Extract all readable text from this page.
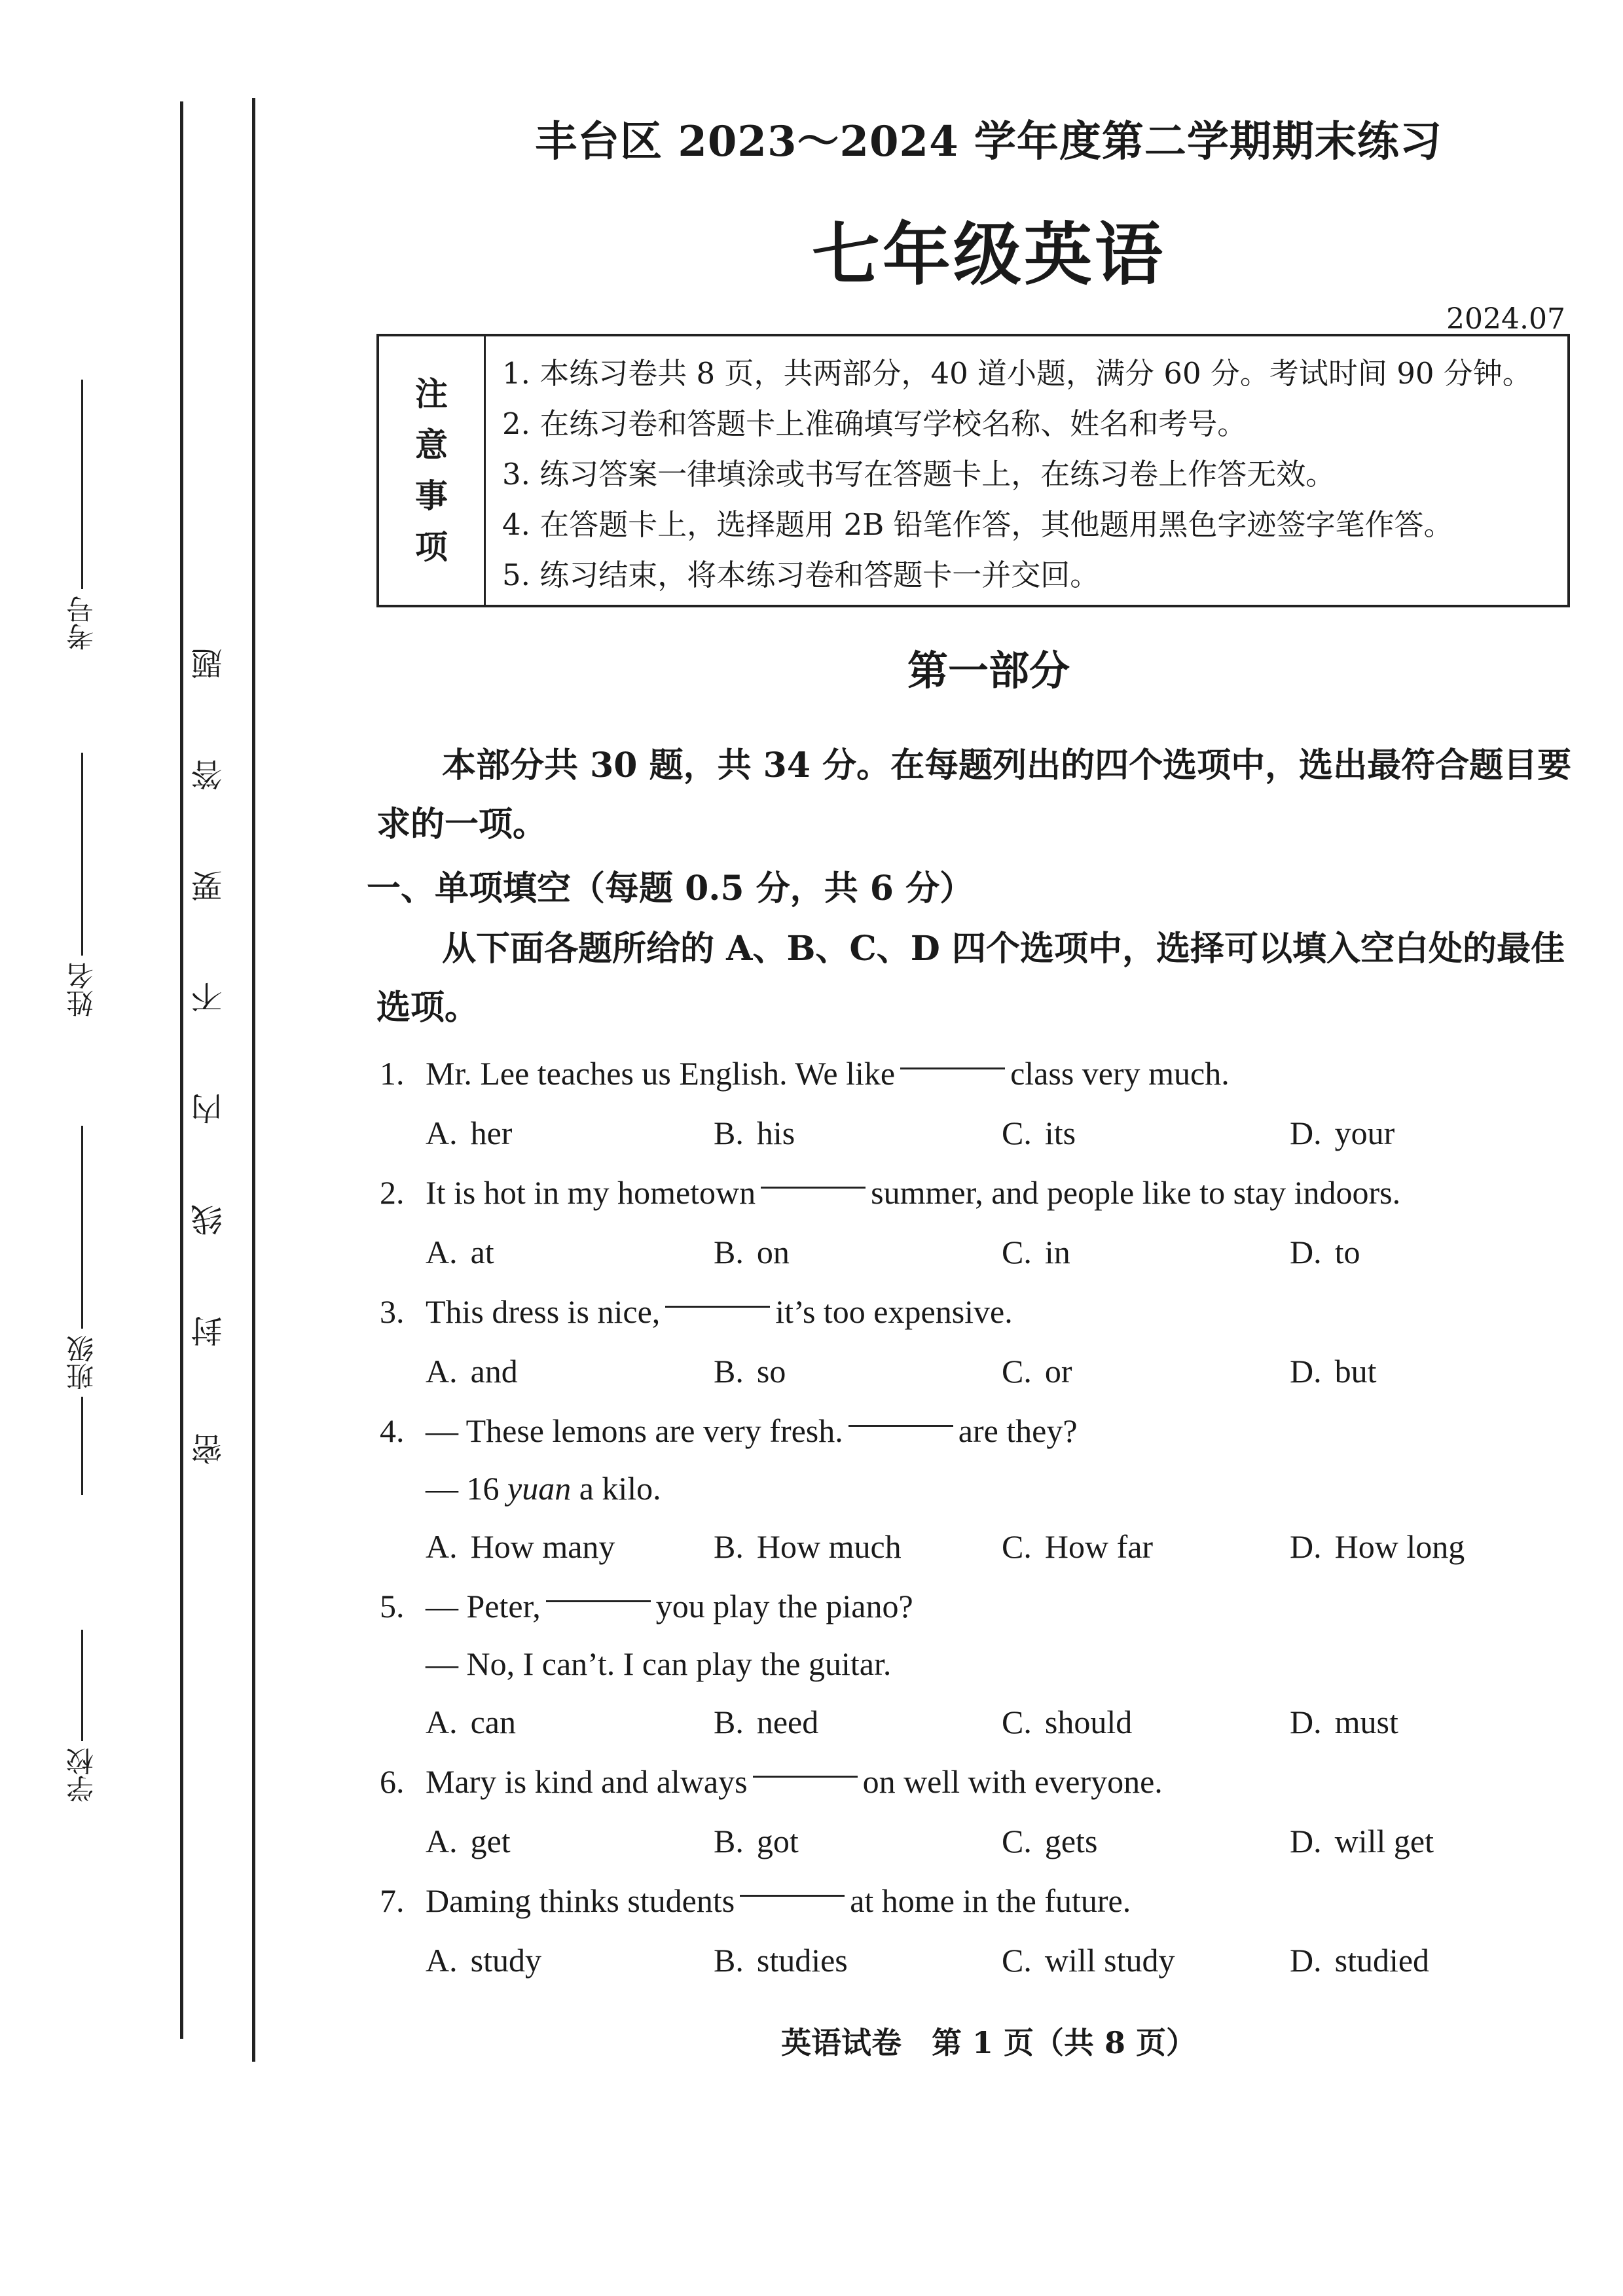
考号
姓名
班级
学校
密
封
线
内
不
要
答
题
丰台区 2023～2024 学年度第二学期期末练习
七年级英语
2024.07
注
意
事
项
1. 本练习卷共 8 页，共两部分，40 道小题，满分 60 分。考试时间 90 分钟。
2. 在练习卷和答题卡上准确填写学校名称、姓名和考号。
3. 练习答案一律填涂或书写在答题卡上，在练习卷上作答无效。
4. 在答题卡上，选择题用 2B 铅笔作答，其他题用黑色字迹签字笔作答。
5. 练习结束，将本练习卷和答题卡一并交回。
第一部分
本部分共 30 题，共 34 分。在每题列出的四个选项中，选出最符合题目要求的一项。
一、单项填空（每题 0.5 分，共 6 分）
从下面各题所给的 A、B、C、D 四个选项中，选择可以填入空白处的最佳选项。
1. Mr. Lee teaches us English. We like	class very much.
A. her	B. his	C. its	D. your
2. It is hot in my hometown	summer, and people like to stay indoors.
A. at	B. on	C. in	D. to
3. This dress is nice,	it’s too expensive.
A. and	B. so	C. or	D. but
4. — These lemons are very fresh.	are they?
— 16
yuan
a kilo.
A. How many	B. How much	C. How far	D. How long
5. — Peter,	you play the piano?
— No, I can’t. I can play the guitar.
A. can	B. need	C. should	D. must
6. Mary is kind and always	on well with everyone.
A. get	B. got	C. gets	D. will get
7. Daming thinks students	at home in the future.
A. study	B. studies	C. will study	D. studied
英语试卷　第 1 页（共 8 页）
